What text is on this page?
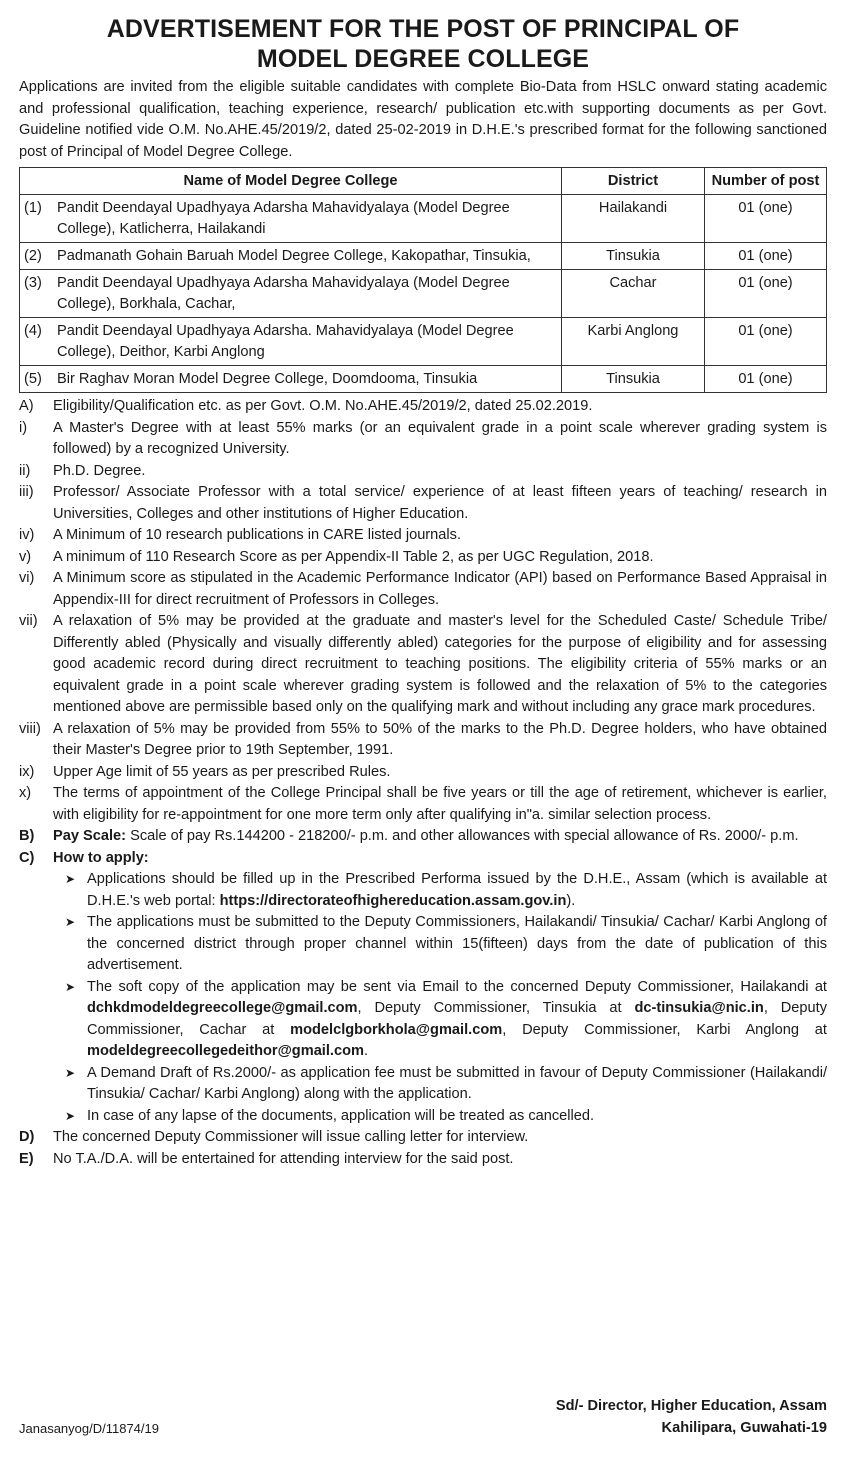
ADVERTISEMENT FOR THE POST OF PRINCIPAL OF
MODEL DEGREE COLLEGE
Applications are invited from the eligible suitable candidates with complete Bio-Data from HSLC onward stating academic and professional qualification, teaching experience, research/ publication etc.with supporting documents as per Govt. Guideline notified vide O.M. No.AHE.45/2019/2, dated 25-02-2019 in D.H.E.'s prescribed format for the following sanctioned post of Principal of Model Degree College.
Name of Model Degree College	District	Number of post

(1) Pandit Deendayal Upadhyaya Adarsha Mahavidyalaya (Model Degree College), Katlicherra, Hailakandi	Hailakandi	01 (one)

(2) Padmanath Gohain Baruah Model Degree College, Kakopathar, Tinsukia,	Tinsukia	01 (one)

(3) Pandit Deendayal Upadhyaya Adarsha Mahavidyalaya (Model Degree College), Borkhala, Cachar,	Cachar	01 (one)

(4) Pandit Deendayal Upadhyaya Adarsha. Mahavidyalaya (Model Degree College), Deithor, Karbi Anglong	Karbi Anglong	01 (one)

(5) Bir Raghav Moran Model Degree College, Doomdooma, Tinsukia	Tinsukia	01 (one)
A)	Eligibility/Qualification etc. as per Govt. O.M. No.AHE.45/2019/2, dated 25.02.2019.
i)	A Master's Degree with at least 55% marks (or an equivalent grade in a point scale wherever grading system is followed) by a recognized University.
ii)	Ph.D. Degree.
iii)	Professor/ Associate Professor with a total service/ experience of at least fifteen years of teaching/ research in Universities, Colleges and other institutions of Higher Education.
iv)	A Minimum of 10 research publications in CARE listed journals.
v)	A minimum of 110 Research Score as per Appendix-II Table 2, as per UGC Regulation, 2018.
vi)	A Minimum score as stipulated in the Academic Performance Indicator (API) based on Performance Based Appraisal in Appendix-III for direct recruitment of Professors in Colleges.
vii)	A relaxation of 5% may be provided at the graduate and master's level for the Scheduled Caste/ Schedule Tribe/ Differently abled (Physically and visually differently abled) categories for the purpose of eligibility and for assessing good academic record during direct recruitment to teaching positions. The eligibility criteria of 55% marks or an equivalent grade in a point scale wherever grading system is followed and the relaxation of 5% to the categories mentioned above are permissible based only on the qualifying mark and without including any grace mark procedures.
viii) A relaxation of 5% may be provided from 55% to 50% of the marks to the Ph.D. Degree holders, who have obtained their Master's Degree prior to 19th September, 1991.
ix)	Upper Age limit of 55 years as per prescribed Rules.
x)	The terms of appointment of the College Principal shall be five years or till the age of retirement, whichever is earlier, with eligibility for re-appointment for one more term only after qualifying in"a. similar selection process.
B)	Pay Scale: Scale of pay Rs.144200 - 218200/- p.m. and other allowances with special allowance of Rs. 2000/- p.m.
C)	How to apply:
➤ Applications should be filled up in the Prescribed Performa issued by the D.H.E., Assam (which is available at D.H.E.'s web portal: https://directorateofhighereducation.assam.gov.in).
➤ The applications must be submitted to the Deputy Commissioners, Hailakandi/ Tinsukia/ Cachar/ Karbi Anglong of the concerned district through proper channel within 15(fifteen) days from the date of publication of this advertisement.
➤ The soft copy of the application may be sent via Email to the concerned Deputy Commissioner, Hailakandi at dchkdmodeldegreecollege@gmail.com, Deputy Commissioner, Tinsukia at dc-tinsukia@nic.in, Deputy Commissioner, Cachar at modelclgborkhola@gmail.com, Deputy Commissioner, Karbi Anglong at modeldegreecollegedeithor@gmail.com.
➤ A Demand Draft of Rs.2000/- as application fee must be submitted in favour of Deputy Commissioner (Hailakandi/ Tinsukia/ Cachar/ Karbi Anglong) along with the application.
➤ In case of any lapse of the documents, application will be treated as cancelled.
D)	The concerned Deputy Commissioner will issue calling letter for interview.
E)	No T.A./D.A. will be entertained for attending interview for the said post.
Sd/- Director, Higher Education, Assam
Kahilipara, Guwahati-19
Janasanyog/D/11874/19
